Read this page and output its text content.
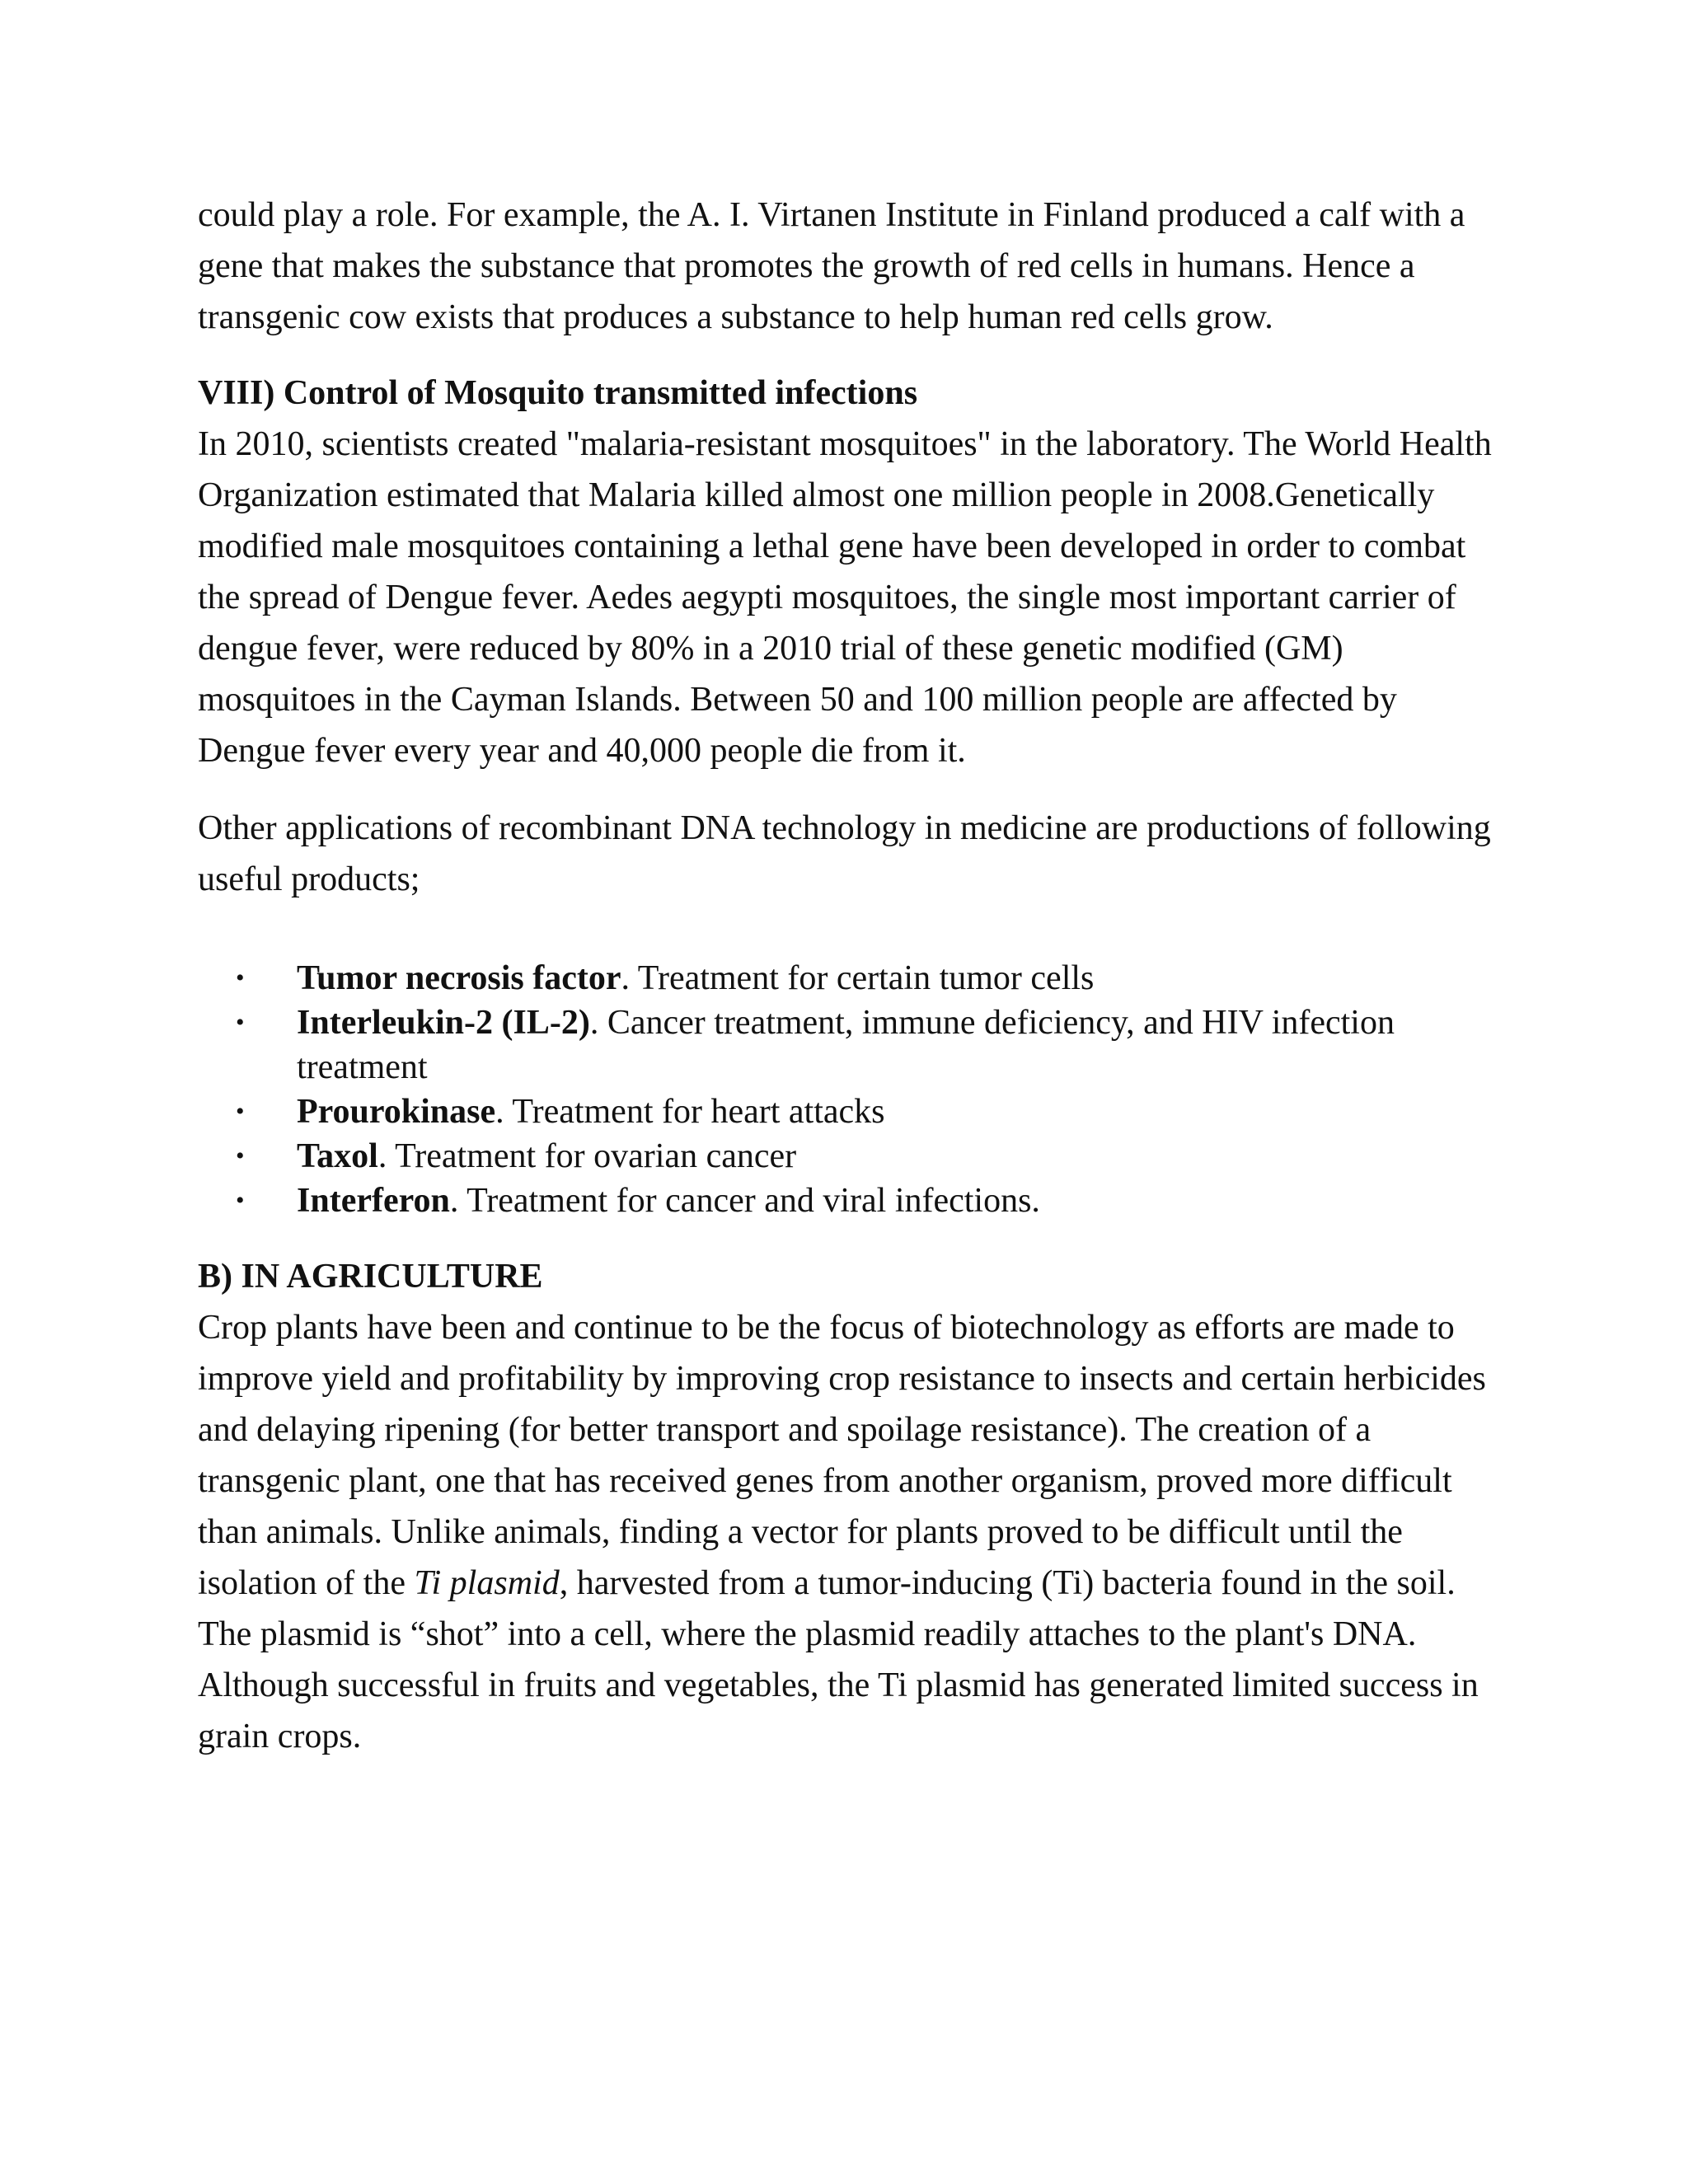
could play a role. For example, the A. I. Virtanen Institute in Finland produced a calf with a gene that makes the substance that promotes the growth of red cells in humans. Hence a transgenic cow exists that produces a substance to help human red cells grow.

VIII) Control of Mosquito transmitted infections

In 2010, scientists created "malaria-resistant mosquitoes" in the laboratory. The World Health Organization estimated that Malaria killed almost one million people in 2008.Genetically modified male mosquitoes containing a lethal gene have been developed in order to combat the spread of Dengue fever. Aedes aegypti mosquitoes, the single most important carrier of dengue fever, were reduced by 80% in a 2010 trial of these genetic modified (GM) mosquitoes in the Cayman Islands. Between 50 and 100 million people are affected by Dengue fever every year and 40,000 people die from it.

Other applications of recombinant DNA technology in medicine are productions of following useful products;

• Tumor necrosis factor. Treatment for certain tumor cells
• Interleukin-2 (IL-2). Cancer treatment, immune deficiency, and HIV infection treatment
• Prourokinase. Treatment for heart attacks
• Taxol. Treatment for ovarian cancer
• Interferon. Treatment for cancer and viral infections.
B) IN AGRICULTURE

Crop plants have been and continue to be the focus of biotechnology as efforts are made to improve yield and profitability by improving crop resistance to insects and certain herbicides and delaying ripening (for better transport and spoilage resistance). The creation of a transgenic plant, one that has received genes from another organism, proved more difficult than animals. Unlike animals, finding a vector for plants proved to be difficult until the isolation of the Ti plasmid, harvested from a tumor-inducing (Ti) bacteria found in the soil. The plasmid is “shot” into a cell, where the plasmid readily attaches to the plant's DNA. Although successful in fruits and vegetables, the Ti plasmid has generated limited success in grain crops.
